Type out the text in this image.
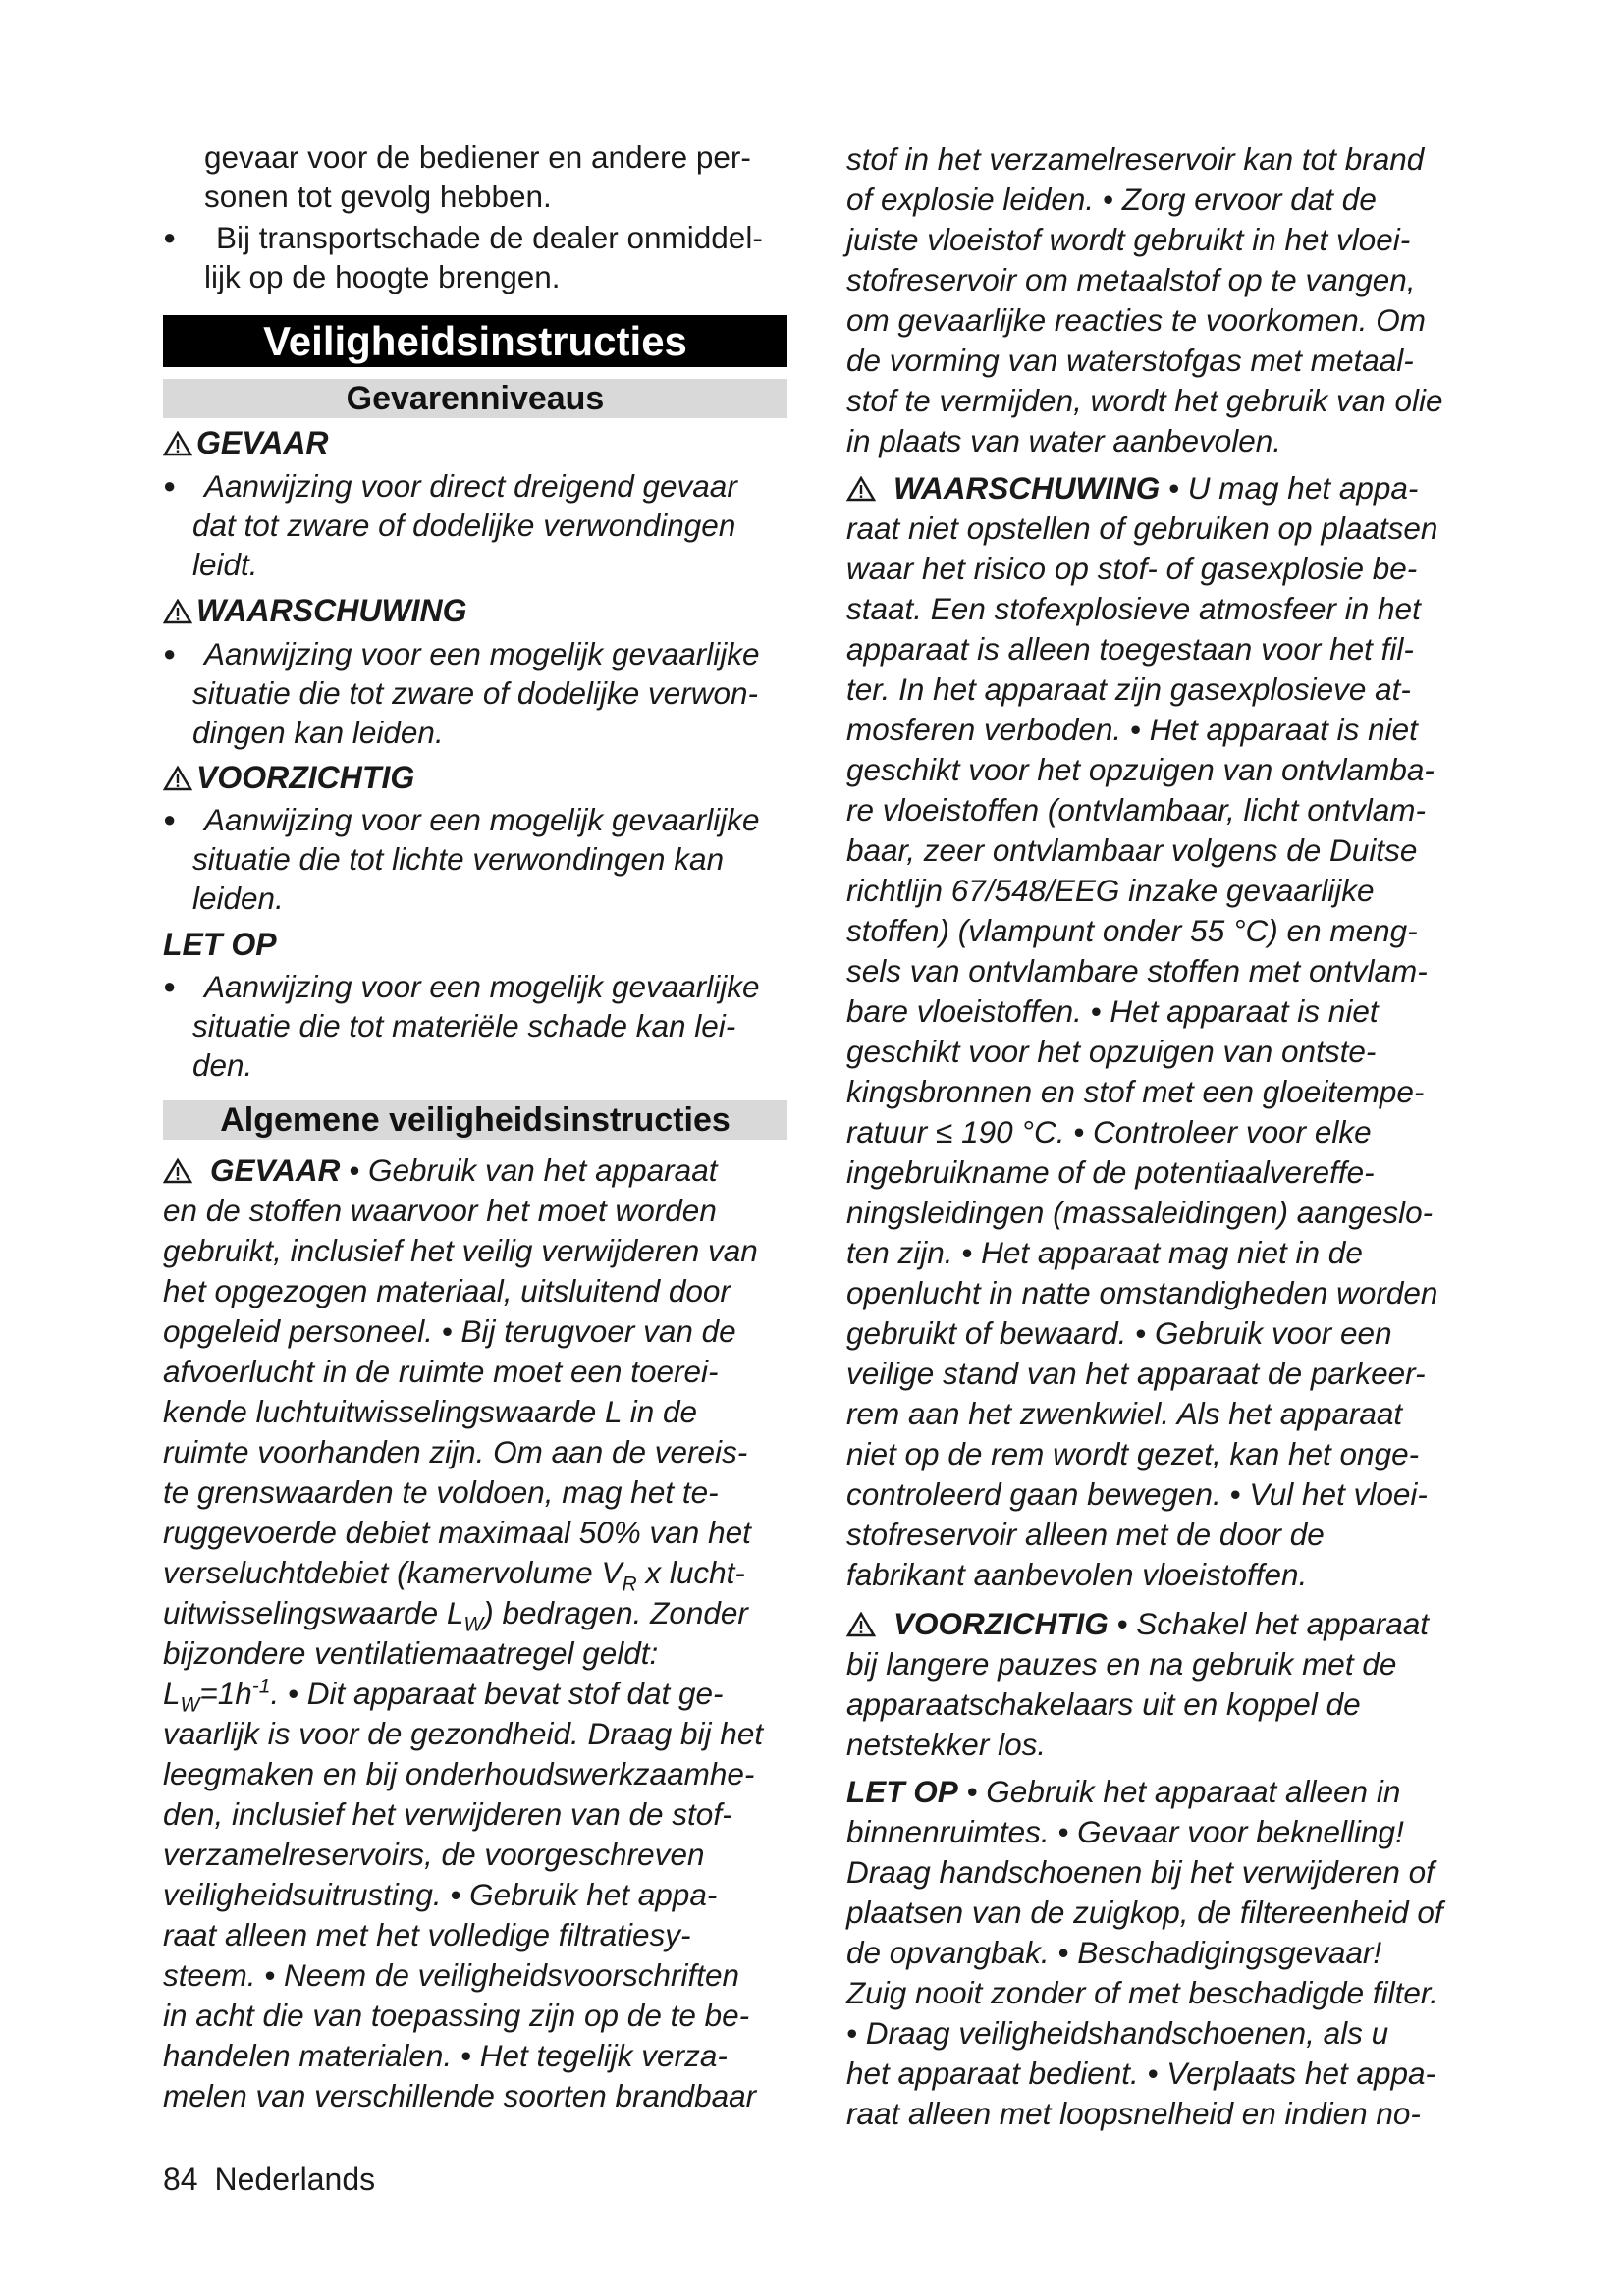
gevaar voor de bediener en andere per-
sonen tot gevolg hebben.
● Bij transportschade de dealer onmiddel-
lijk op de hoogte brengen.
Veiligheidsinstructies
Gevarenniveaus
GEVAAR
● Aanwijzing voor direct dreigend gevaar
dat tot zware of dodelijke verwondingen
leidt.
WAARSCHUWING
● Aanwijzing voor een mogelijk gevaarlijke
situatie die tot zware of dodelijke verwon-
dingen kan leiden.
VOORZICHTIG
● Aanwijzing voor een mogelijk gevaarlijke
situatie die tot lichte verwondingen kan
leiden.
LET OP
● Aanwijzing voor een mogelijk gevaarlijke
situatie die tot materiële schade kan lei-
den.
Algemene veiligheidsinstructies
GEVAAR • Gebruik van het apparaat
en de stoffen waarvoor het moet worden
gebruikt, inclusief het veilig verwijderen van
het opgezogen materiaal, uitsluitend door
opgeleid personeel. • Bij terugvoer van de
afvoerlucht in de ruimte moet een toerei-
kende luchtuitwisselingswaarde L in de
ruimte voorhanden zijn. Om aan de vereis-
te grenswaarden te voldoen, mag het te-
ruggevoerde debiet maximaal 50% van het
verseluchtdebiet (kamervolume $V_R$ x lucht-
uitwisselingswaarde $L_W$) bedragen. Zonder
bijzondere ventilatiemaatregel geldt:
$L_W=1h^{-1}$. • Dit apparaat bevat stof dat ge-
vaarlijk is voor de gezondheid. Draag bij het
leegmaken en bij onderhoudswerkzaamhe-
den, inclusief het verwijderen van de stof-
verzamelreservoirs, de voorgeschreven
veiligheidsuitrusting. • Gebruik het appa-
raat alleen met het volledige filtratiesy-
steem. • Neem de veiligheidsvoorschriften
in acht die van toepassing zijn op de te be-
handelen materialen. • Het tegelijk verza-
melen van verschillende soorten brandbaar
stof in het verzamelreservoir kan tot brand
of explosie leiden. • Zorg ervoor dat de
juiste vloeistof wordt gebruikt in het vloei-
stofreservoir om metaalstof op te vangen,
om gevaarlijke reacties te voorkomen. Om
de vorming van waterstofgas met metaal-
stof te vermijden, wordt het gebruik van olie
in plaats van water aanbevolen.
WAARSCHUWING • U mag het appa-
raat niet opstellen of gebruiken op plaatsen
waar het risico op stof- of gasexplosie be-
staat. Een stofexplosieve atmosfeer in het
apparaat is alleen toegestaan voor het fil-
ter. In het apparaat zijn gasexplosieve at-
mosferen verboden. • Het apparaat is niet
geschikt voor het opzuigen van ontvlamba-
re vloeistoffen (ontvlambaar, licht ontvlam-
baar, zeer ontvlambaar volgens de Duitse
richtlijn 67/548/EEG inzake gevaarlijke
stoffen) (vlampunt onder 55 °C) en meng-
sels van ontvlambare stoffen met ontvlam-
bare vloeistoffen. • Het apparaat is niet
geschikt voor het opzuigen van ontste-
kingsbronnen en stof met een gloeitempe-
ratuur ≤ 190 °C. • Controleer voor elke
ingebruikname of de potentiaalvereffe-
ningsleidingen (massaleidingen) aangeslo-
ten zijn. • Het apparaat mag niet in de
openlucht in natte omstandigheden worden
gebruikt of bewaard. • Gebruik voor een
veilige stand van het apparaat de parkeer-
rem aan het zwenkwiel. Als het apparaat
niet op de rem wordt gezet, kan het onge-
controleerd gaan bewegen. • Vul het vloei-
stofreservoir alleen met de door de
fabrikant aanbevolen vloeistoffen.
VOORZICHTIG • Schakel het apparaat
bij langere pauzes en na gebruik met de
apparaatschakelaars uit en koppel de
netstekker los.
LET OP • Gebruik het apparaat alleen in
binnenruimtes. • Gevaar voor beknelling!
Draag handschoenen bij het verwijderen of
plaatsen van de zuigkop, de filtereenheid of
de opvangbak. • Beschadigingsgevaar!
Zuig nooit zonder of met beschadigde filter.
• Draag veiligheidshandschoenen, als u
het apparaat bedient. • Verplaats het appa-
raat alleen met loopsnelheid en indien no-
84 Nederlands
